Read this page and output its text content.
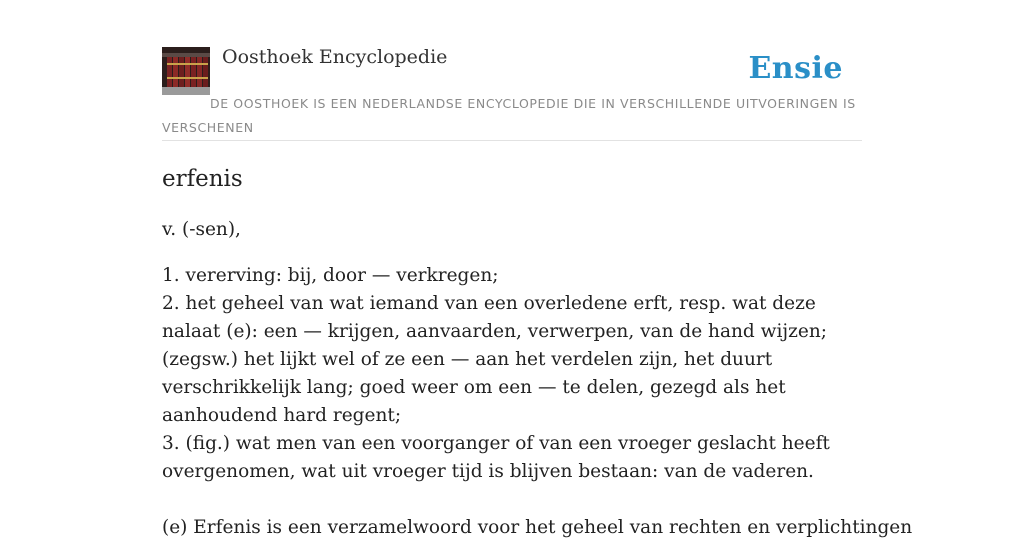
Oosthoek Encyclopedie	Ensie

DE OOSTHOEK IS EEN NEDERLANDSE ENCYCLOPEDIE DIE IN VERSCHILLENDE UITVOERINGEN IS VERSCHENEN

erfenis

v. (-sen),

1. vererving: bij, door — verkregen;
2. het geheel van wat iemand van een overledene erft, resp. wat deze nalaat (e): een — krijgen, aanvaarden, verwerpen, van de hand wijzen; (zegsw.) het lijkt wel of ze een — aan het verdelen zijn, het duurt verschrikkelijk lang; goed weer om een — te delen, gezegd als het aanhoudend hard regent;
3. (fig.) wat men van een voorganger of van een vroeger geslacht heeft overgenomen, wat uit vroeger tijd is blijven bestaan: van de vaderen.

(e) Erfenis is een verzamelwoord voor het geheel van rechten en verplichtingen
